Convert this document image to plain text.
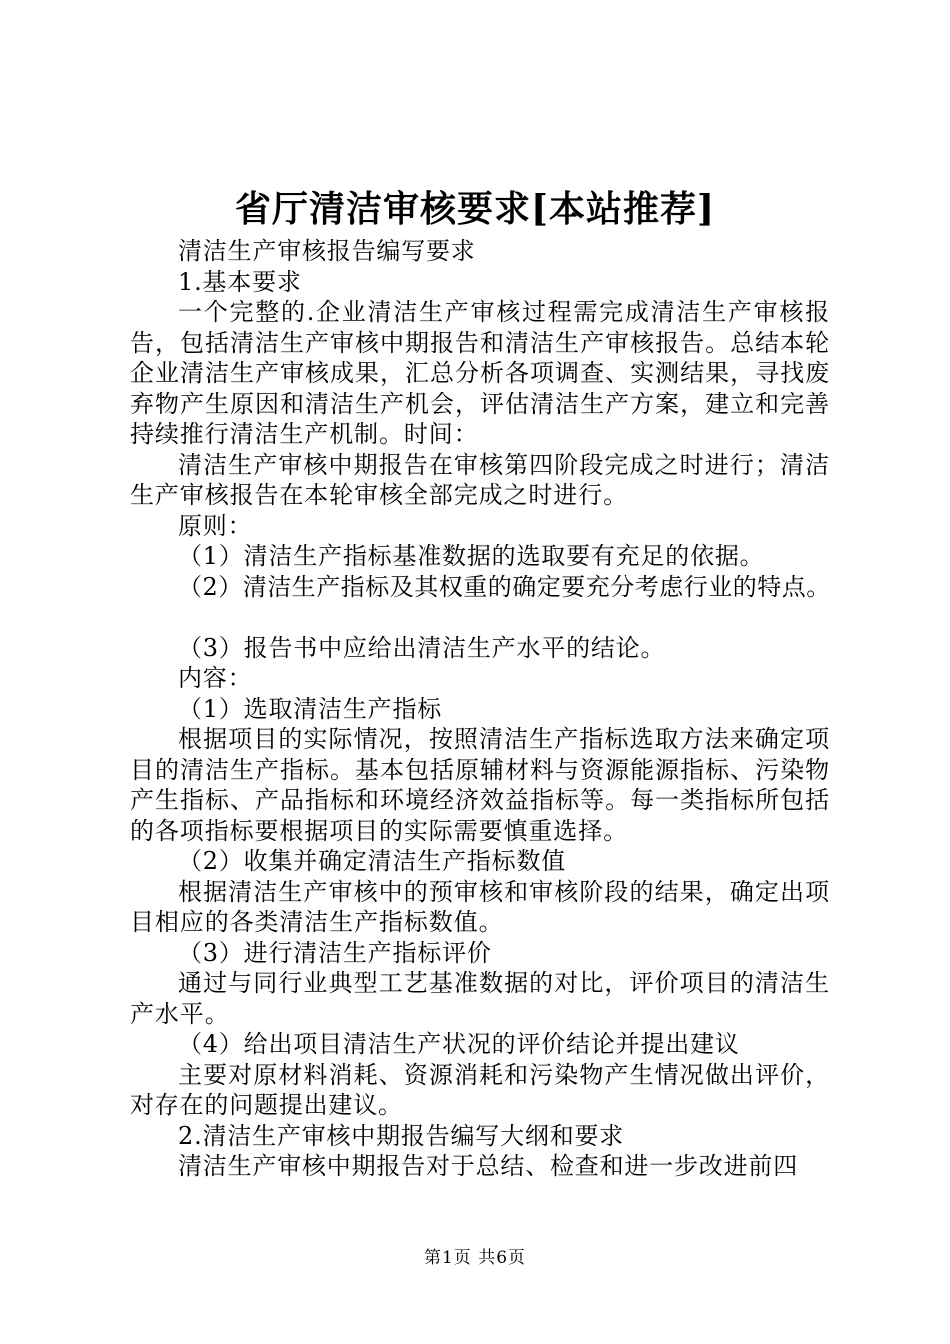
省厅清洁审核要求[本站推荐]

清洁生产审核报告编写要求

1.基本要求

一个完整的.企业清洁生产审核过程需完成清洁生产审核报告，包括清洁生产审核中期报告和清洁生产审核报告。总结本轮企业清洁生产审核成果，汇总分析各项调查、实测结果，寻找废弃物产生原因和清洁生产机会，评估清洁生产方案，建立和完善持续推行清洁生产机制。时间：

清洁生产审核中期报告在审核第四阶段完成之时进行；清洁生产审核报告在本轮审核全部完成之时进行。

原则：

（1）清洁生产指标基准数据的选取要有充足的依据。

（2）清洁生产指标及其权重的确定要充分考虑行业的特点。

（3）报告书中应给出清洁生产水平的结论。

内容：

（1）选取清洁生产指标

根据项目的实际情况，按照清洁生产指标选取方法来确定项目的清洁生产指标。基本包括原辅材料与资源能源指标、污染物产生指标、产品指标和环境经济效益指标等。每一类指标所包括的各项指标要根据项目的实际需要慎重选择。

（2）收集并确定清洁生产指标数值

根据清洁生产审核中的预审核和审核阶段的结果，确定出项目相应的各类清洁生产指标数值。

（3）进行清洁生产指标评价

通过与同行业典型工艺基准数据的对比，评价项目的清洁生产水平。

（4）给出项目清洁生产状况的评价结论并提出建议

主要对原材料消耗、资源消耗和污染物产生情况做出评价，对存在的问题提出建议。

2.清洁生产审核中期报告编写大纲和要求

清洁生产审核中期报告对于总结、检查和进一步改进前四

第1页 共6页
